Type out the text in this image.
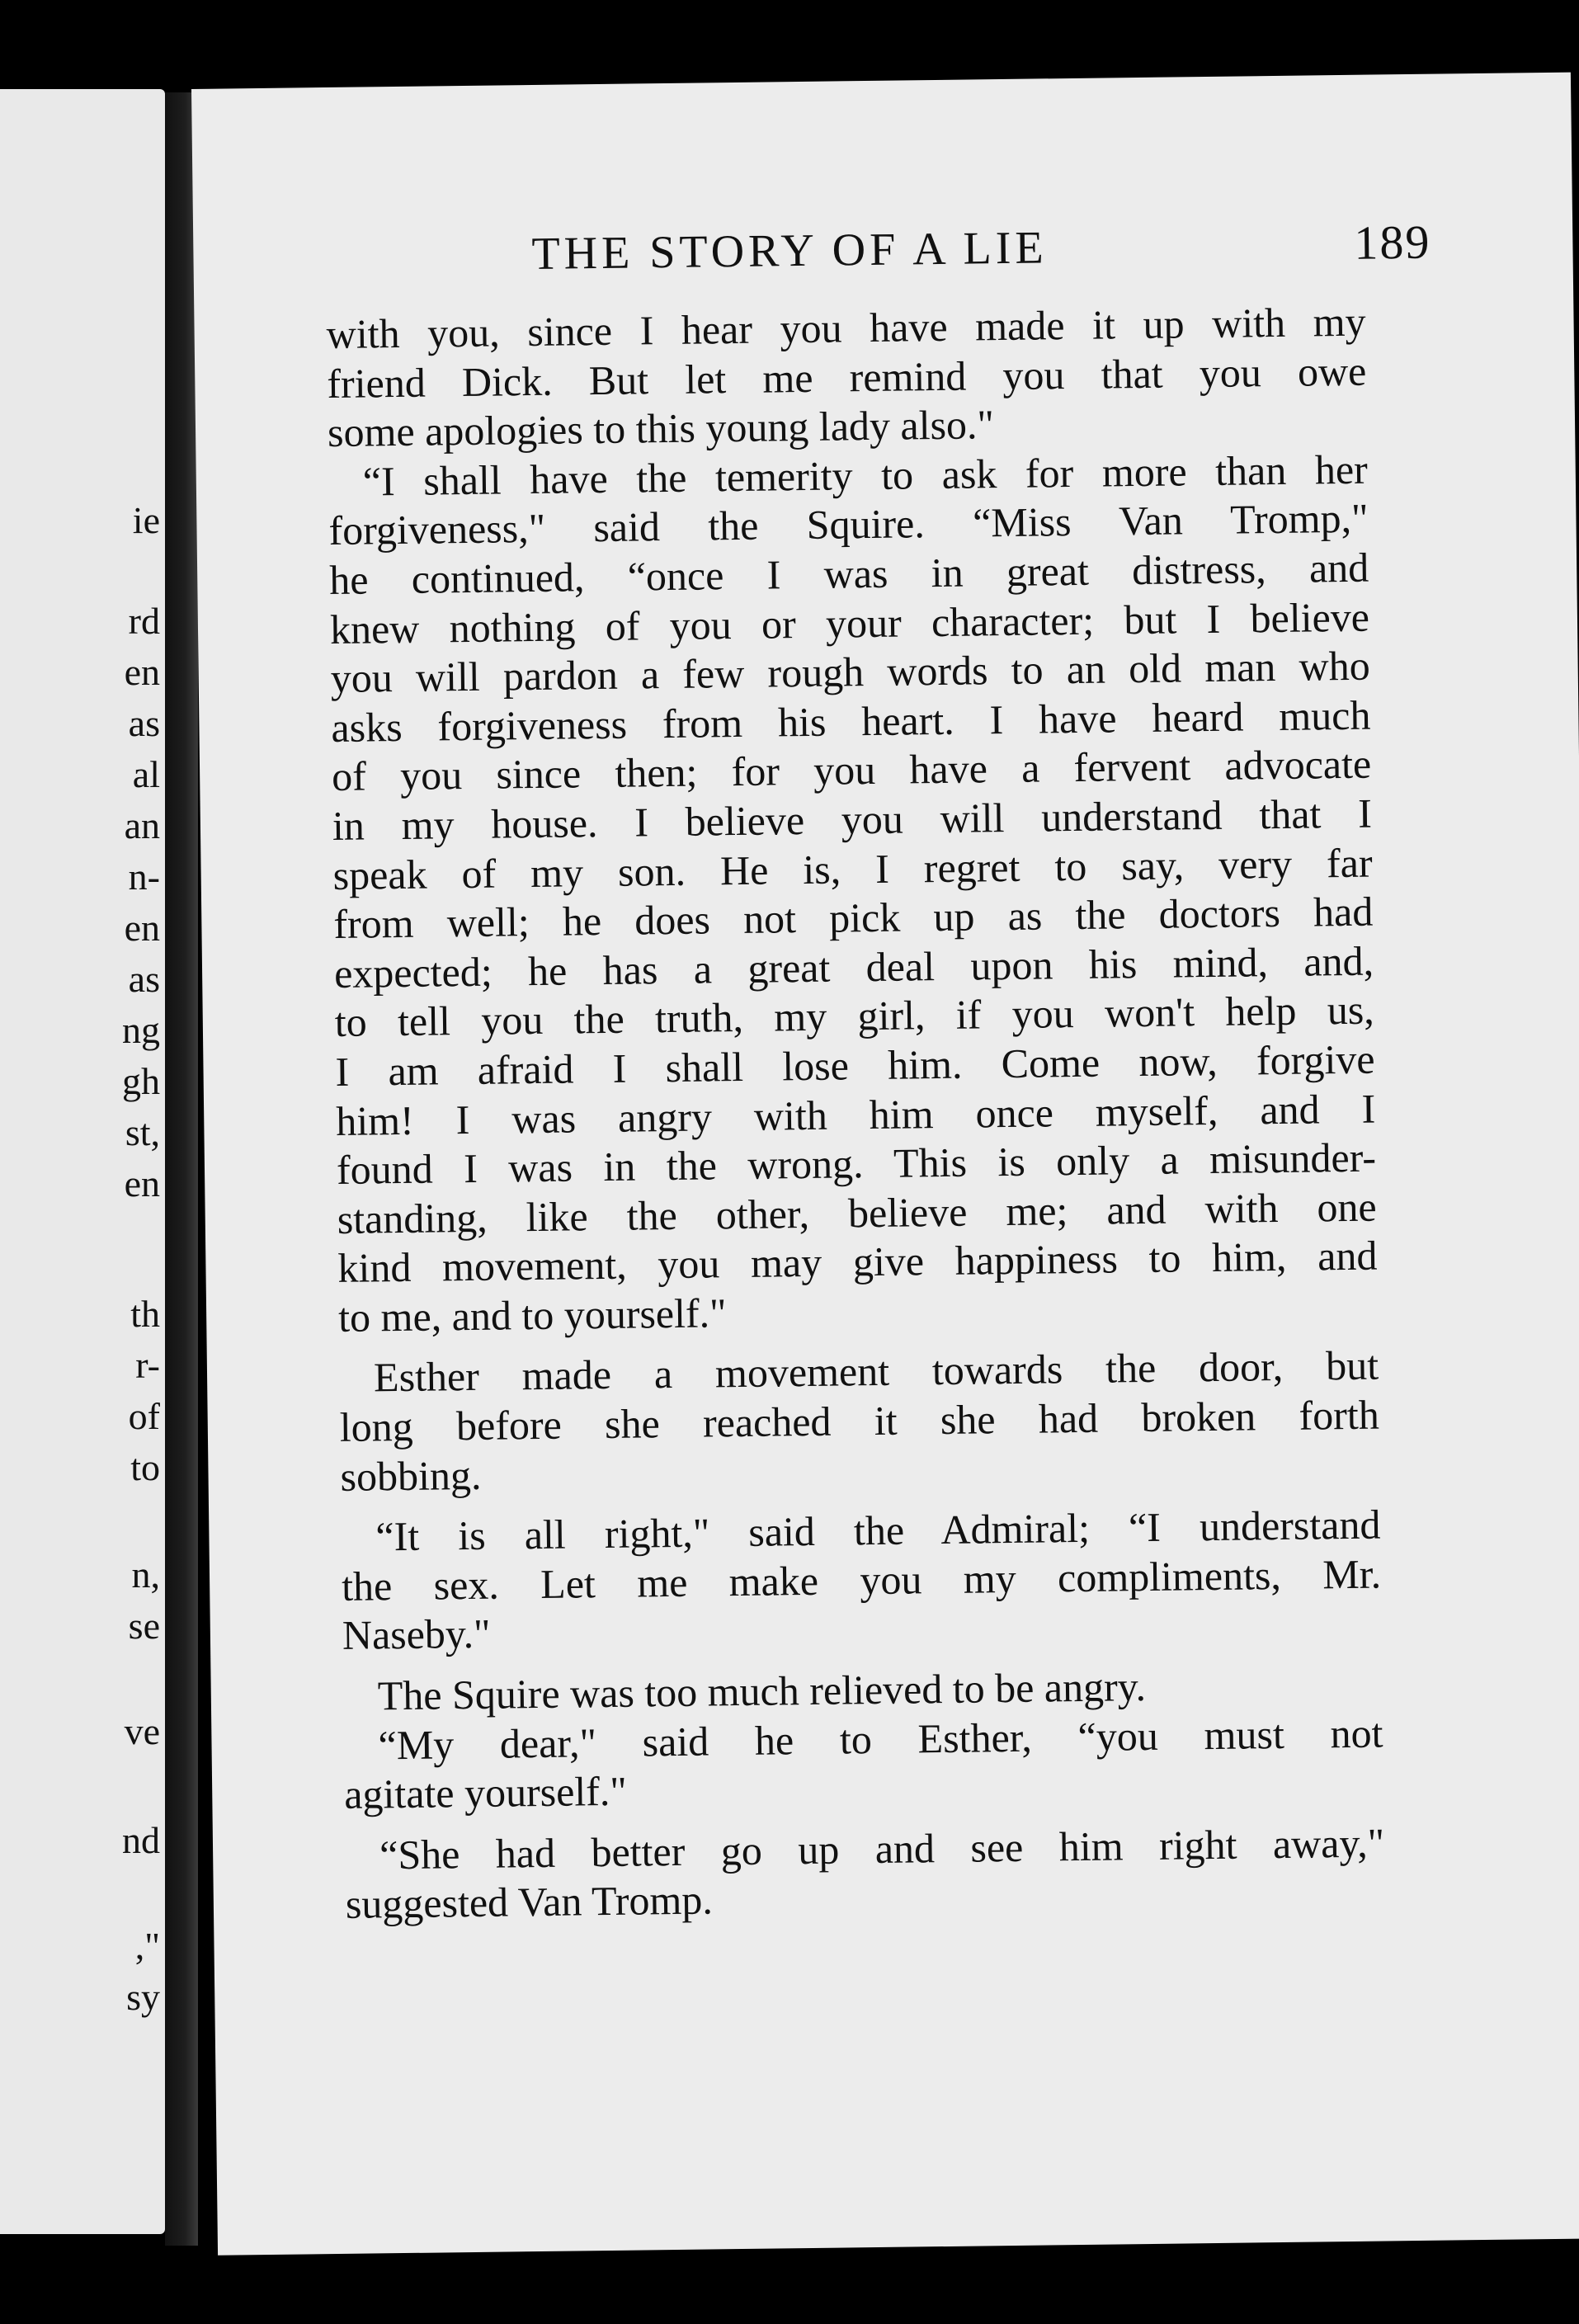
ie
rd
en
as
al
an
n-
en
as
ng
gh
st,
en
th
r-
of
to
n,
se
ve
nd
,"
sy
THE STORY OF A LIE	189
with you, since I hear you have made it up with my
friend Dick. But let me remind you that you owe
some apologies to this young lady also."
“I shall have the temerity to ask for more than her
forgiveness," said the Squire. “Miss Van Tromp,"
he continued, “once I was in great distress, and
knew nothing of you or your character; but I believe
you will pardon a few rough words to an old man who
asks forgiveness from his heart. I have heard much
of you since then; for you have a fervent advocate
in my house. I believe you will understand that I
speak of my son. He is, I regret to say, very far
from well; he does not pick up as the doctors had
expected; he has a great deal upon his mind, and,
to tell you the truth, my girl, if you won't help us,
I am afraid I shall lose him. Come now, forgive
him! I was angry with him once myself, and I
found I was in the wrong. This is only a misunder-
standing, like the other, believe me; and with one
kind movement, you may give happiness to him, and
to me, and to yourself."
Esther made a movement towards the door, but
long before she reached it she had broken forth
sobbing.
“It is all right," said the Admiral; “I understand
the sex. Let me make you my compliments, Mr.
Naseby."
The Squire was too much relieved to be angry.
“My dear," said he to Esther, “you must not
agitate yourself."
“She had better go up and see him right away,"
suggested Van Tromp.
